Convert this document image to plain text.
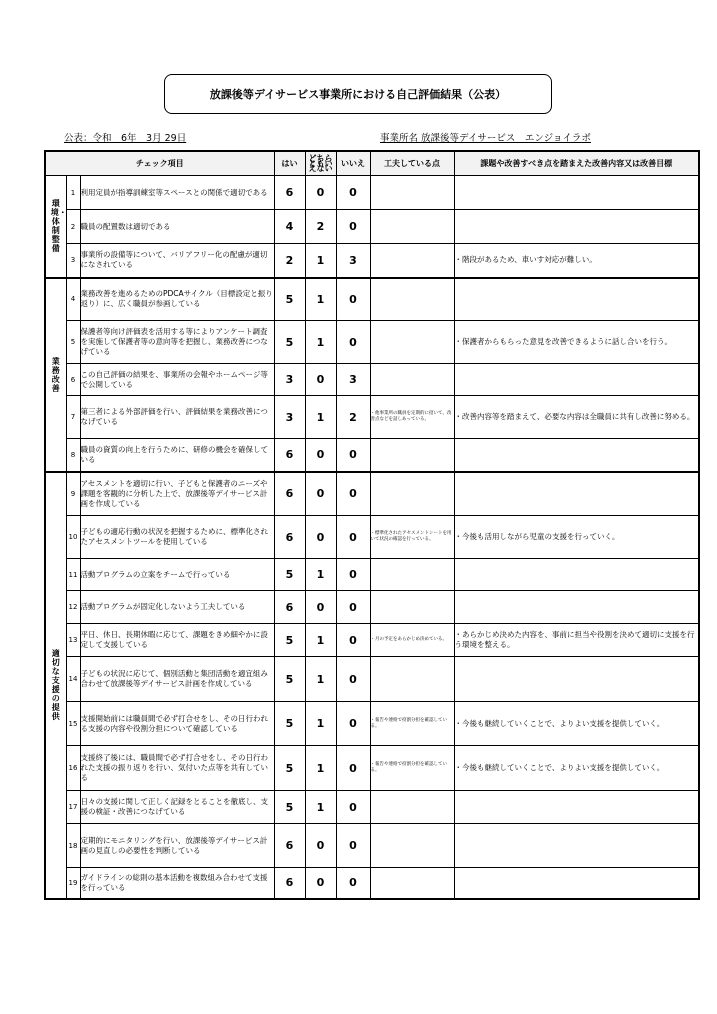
放課後等デイサービス事業所における自己評価結果（公表）
公表：令和　6年　3月 29日	事業所名 放課後等デイサービス　エンジョイラボ
チェック項目			はい	どちらともいえない	いいえ	工夫している点	課題や改善すべき点を踏まえた改善内容又は改善目標
環境・体制整備	1	利用定員が指導訓練室等スペースとの関係で適切である	6	0	0		
	2	職員の配置数は適切である	4	2	0		
	3	事業所の設備等について、バリアフリー化の配慮が適切になされている	2	1	3		・階段があるため、車いす対応が難しい。
業務改善	4	業務改善を進めるためのPDCAサイクル（目標設定と振り返り）に、広く職員が参画している	5	1	0		
	5	保護者等向け評価表を活用する等によりアンケート調査を実施して保護者等の意向等を把握し、業務改善につなげている	5	1	0		・保護者からもらった意見を改善できるように話し合いを行う。
	6	この自己評価の結果を、事業所の会報やホームページ等で公開している	3	0	3		
	7	第三者による外部評価を行い、評価結果を業務改善につなげている	3	1	2	・他事業所の職員を定期的に招いて、改善点などを話しあっている。	・改善内容等を踏まえて、必要な内容は全職員に共有し改善に努める。
	8	職員の資質の向上を行うために、研修の機会を確保している	6	0	0		
適切な支援の提供	9	アセスメントを適切に行い、子どもと保護者のニーズや課題を客観的に分析した上で、放課後等デイサービス計画を作成している	6	0	0		
	10	子どもの適応行動の状況を把握するために、標準化されたアセスメントツールを使用している	6	0	0	・標準化されたアセスメントシートを用いて状況の確認を行っている。	・今後も活用しながら児童の支援を行っていく。
	11	活動プログラムの立案をチームで行っている	5	1	0		
	12	活動プログラムが固定化しないよう工夫している	6	0	0		
	13	平日、休日、長期休暇に応じて、課題をきめ細やかに設定して支援している	5	1	0	・月の予定をあらかじめ決めている。	・あらかじめ決めた内容を、事前に担当や役割を決めて適切に支援を行う環境を整える。
	14	子どもの状況に応じて、個別活動と集団活動を適宜組み合わせて放課後等デイサービス計画を作成している	5	1	0		
	15	支援開始前には職員間で必ず打合せをし、その日行われる支援の内容や役割分担について確認している	5	1	0	・報告や連絡で役割分担を確認している。	・今後も継続していくことで、よりよい支援を提供していく。
	16	支援終了後には、職員間で必ず打合せをし、その日行われた支援の振り返りを行い、気付いた点等を共有している	5	1	0	・報告や連絡で役割分担を確認している。	・今後も継続していくことで、よりよい支援を提供していく。
	17	日々の支援に関して正しく記録をとることを徹底し、支援の検証・改善につなげている	5	1	0		
	18	定期的にモニタリングを行い、放課後等デイサービス計画の見直しの必要性を判断している	6	0	0		
	19	ガイドラインの総則の基本活動を複数組み合わせて支援を行っている	6	0	0		
